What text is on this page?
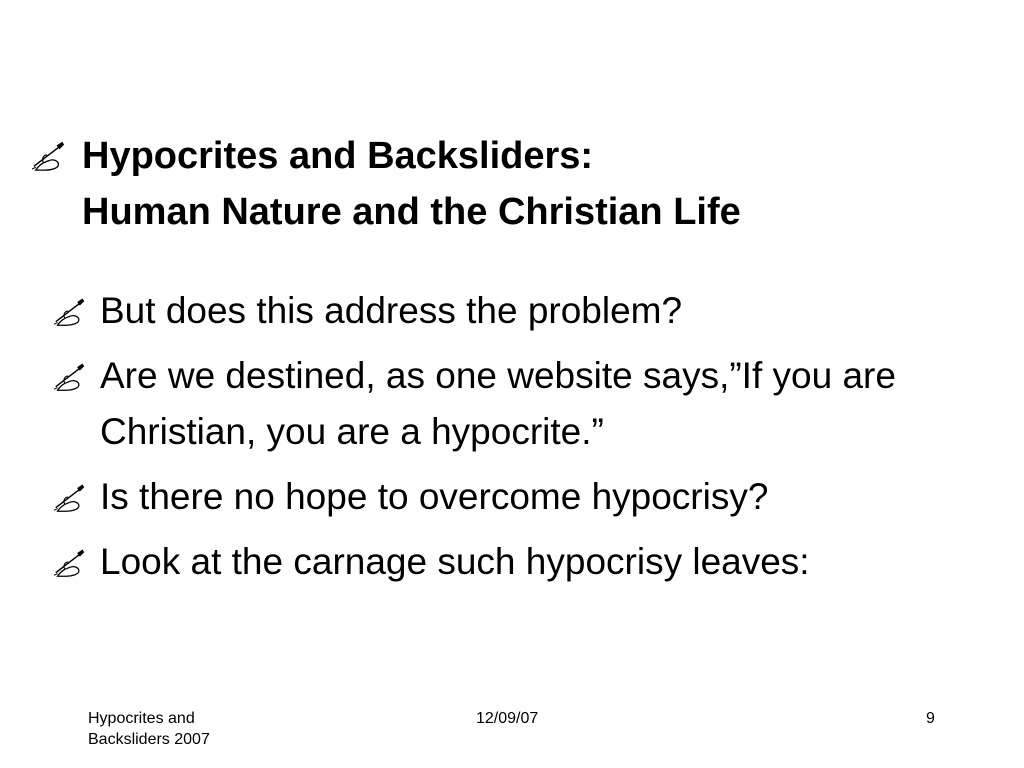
Hypocrites and Backsliders:
Human Nature and the Christian Life
But does this address the problem?
Are we destined, as one website says,”If you are Christian, you are a hypocrite.”
Is there no hope to overcome hypocrisy?
Look at the carnage such hypocrisy leaves:
Hypocrites and
Backsliders 2007
12/09/07	9
